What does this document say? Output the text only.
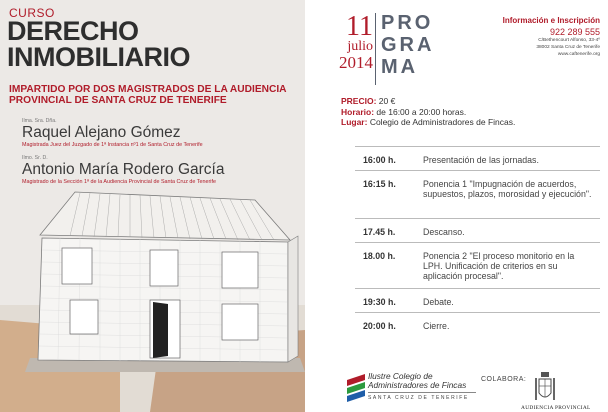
CURSO
DERECHO
INMOBILIARIO
IMPARTIDO POR DOS MAGISTRADOS DE LA AUDIENCIA
PROVINCIAL DE SANTA CRUZ DE TENERIFE
Ilma. Sra. Dña.
Raquel Alejano Gómez
Magistrada Juez del Juzgado de 1ª Instancia nº1 de Santa Cruz de Tenerife
Ilmo. Sr. D.
Antonio María Rodero García
Magistrado de la Sección 1ª de la Audiencia Provincial de Santa Cruz de Tenerife
11
julio
2014
PRO
GRA
MA
Información e Inscripción
922 289 555
C/Bethencourt Alfonso, 33-4º
38002 Santa Cruz de Tenerife
www.caftenerife.org
PRECIO: 20 €
Horario: de 16:00 a 20:00 horas.
Lugar: Colegio de Administradores de Fincas.
16:00 h.	Presentación de las jornadas.
16:15 h.	Ponencia 1 "Impugnación de acuerdos, supuestos, plazos, morosidad y ejecución".
17.45 h.	Descanso.
18.00 h.	Ponencia 2 "El proceso monitorio en la LPH. Unificación de criterios en su aplicación procesal".
19:30 h.	Debate.
20:00 h.	Cierre.
Ilustre Colegio de
Administradores de Fincas
SANTA CRUZ DE TENERIFE
COLABORA:
AUDIENCIA PROVINCIAL
